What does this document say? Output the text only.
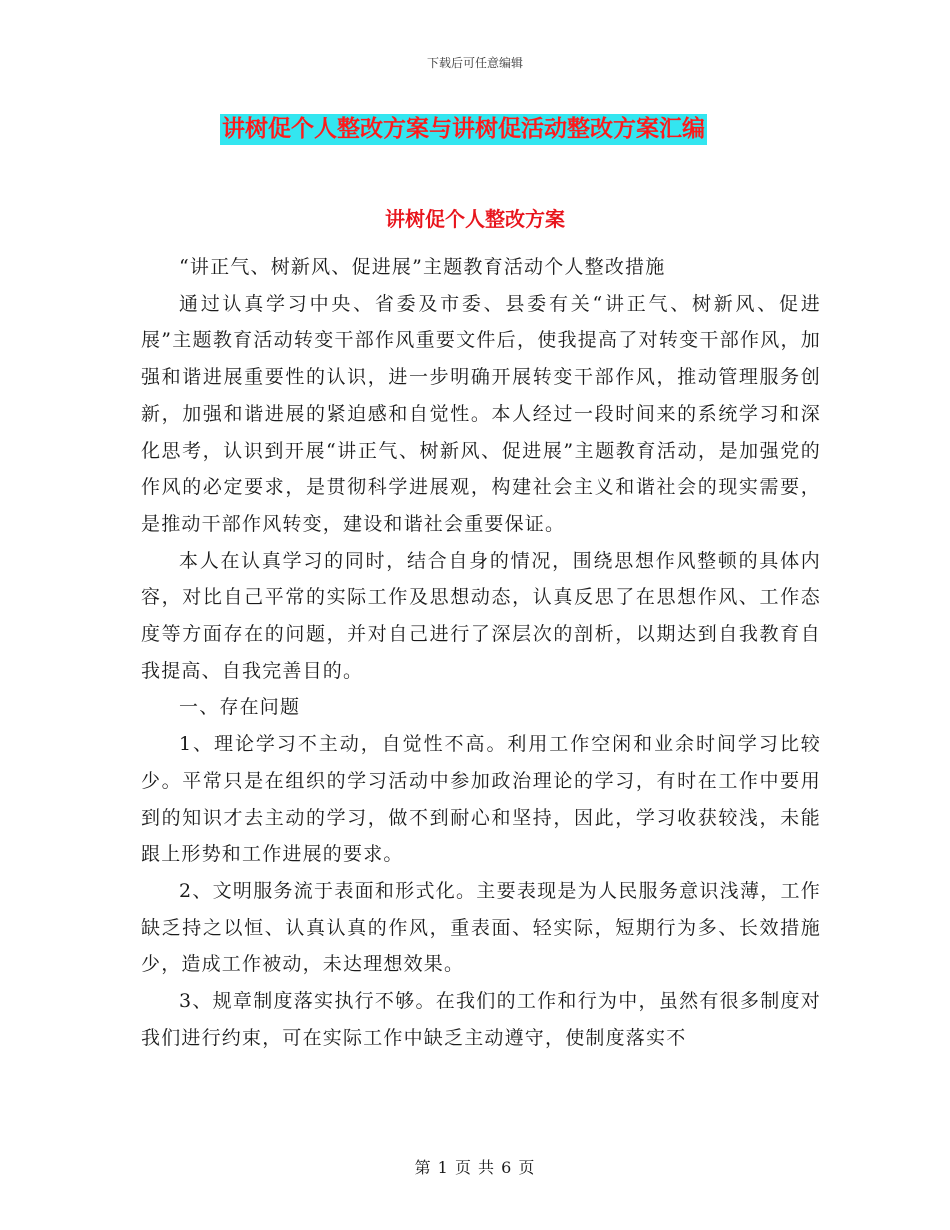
下载后可任意编辑
讲树促个人整改方案与讲树促活动整改方案汇编
讲树促个人整改方案

“讲正气、树新风、促进展”主题教育活动个人整改措施

通过认真学习中央、省委及市委、县委有关“讲正气、树新风、促进展”主题教育活动转变干部作风重要文件后，使我提高了对转变干部作风，加强和谐进展重要性的认识，进一步明确开展转变干部作风，推动管理服务创新，加强和谐进展的紧迫感和自觉性。本人经过一段时间来的系统学习和深化思考，认识到开展“讲正气、树新风、促进展”主题教育活动，是加强党的作风的必定要求，是贯彻科学进展观，构建社会主义和谐社会的现实需要，是推动干部作风转变，建设和谐社会重要保证。

本人在认真学习的同时，结合自身的情况，围绕思想作风整顿的具体内容，对比自己平常的实际工作及思想动态，认真反思了在思想作风、工作态度等方面存在的问题，并对自己进行了深层次的剖析，以期达到自我教育自我提高、自我完善目的。

一、存在问题

1、理论学习不主动，自觉性不高。利用工作空闲和业余时间学习比较少。平常只是在组织的学习活动中参加政治理论的学习，有时在工作中要用到的知识才去主动的学习，做不到耐心和坚持，因此，学习收获较浅，未能跟上形势和工作进展的要求。

2、文明服务流于表面和形式化。主要表现是为人民服务意识浅薄，工作缺乏持之以恒、认真认真的作风，重表面、轻实际，短期行为多、长效措施少，造成工作被动，未达理想效果。

3、规章制度落实执行不够。在我们的工作和行为中，虽然有很多制度对我们进行约束，可在实际工作中缺乏主动遵守，使制度落实不

第 1 页 共 6 页
